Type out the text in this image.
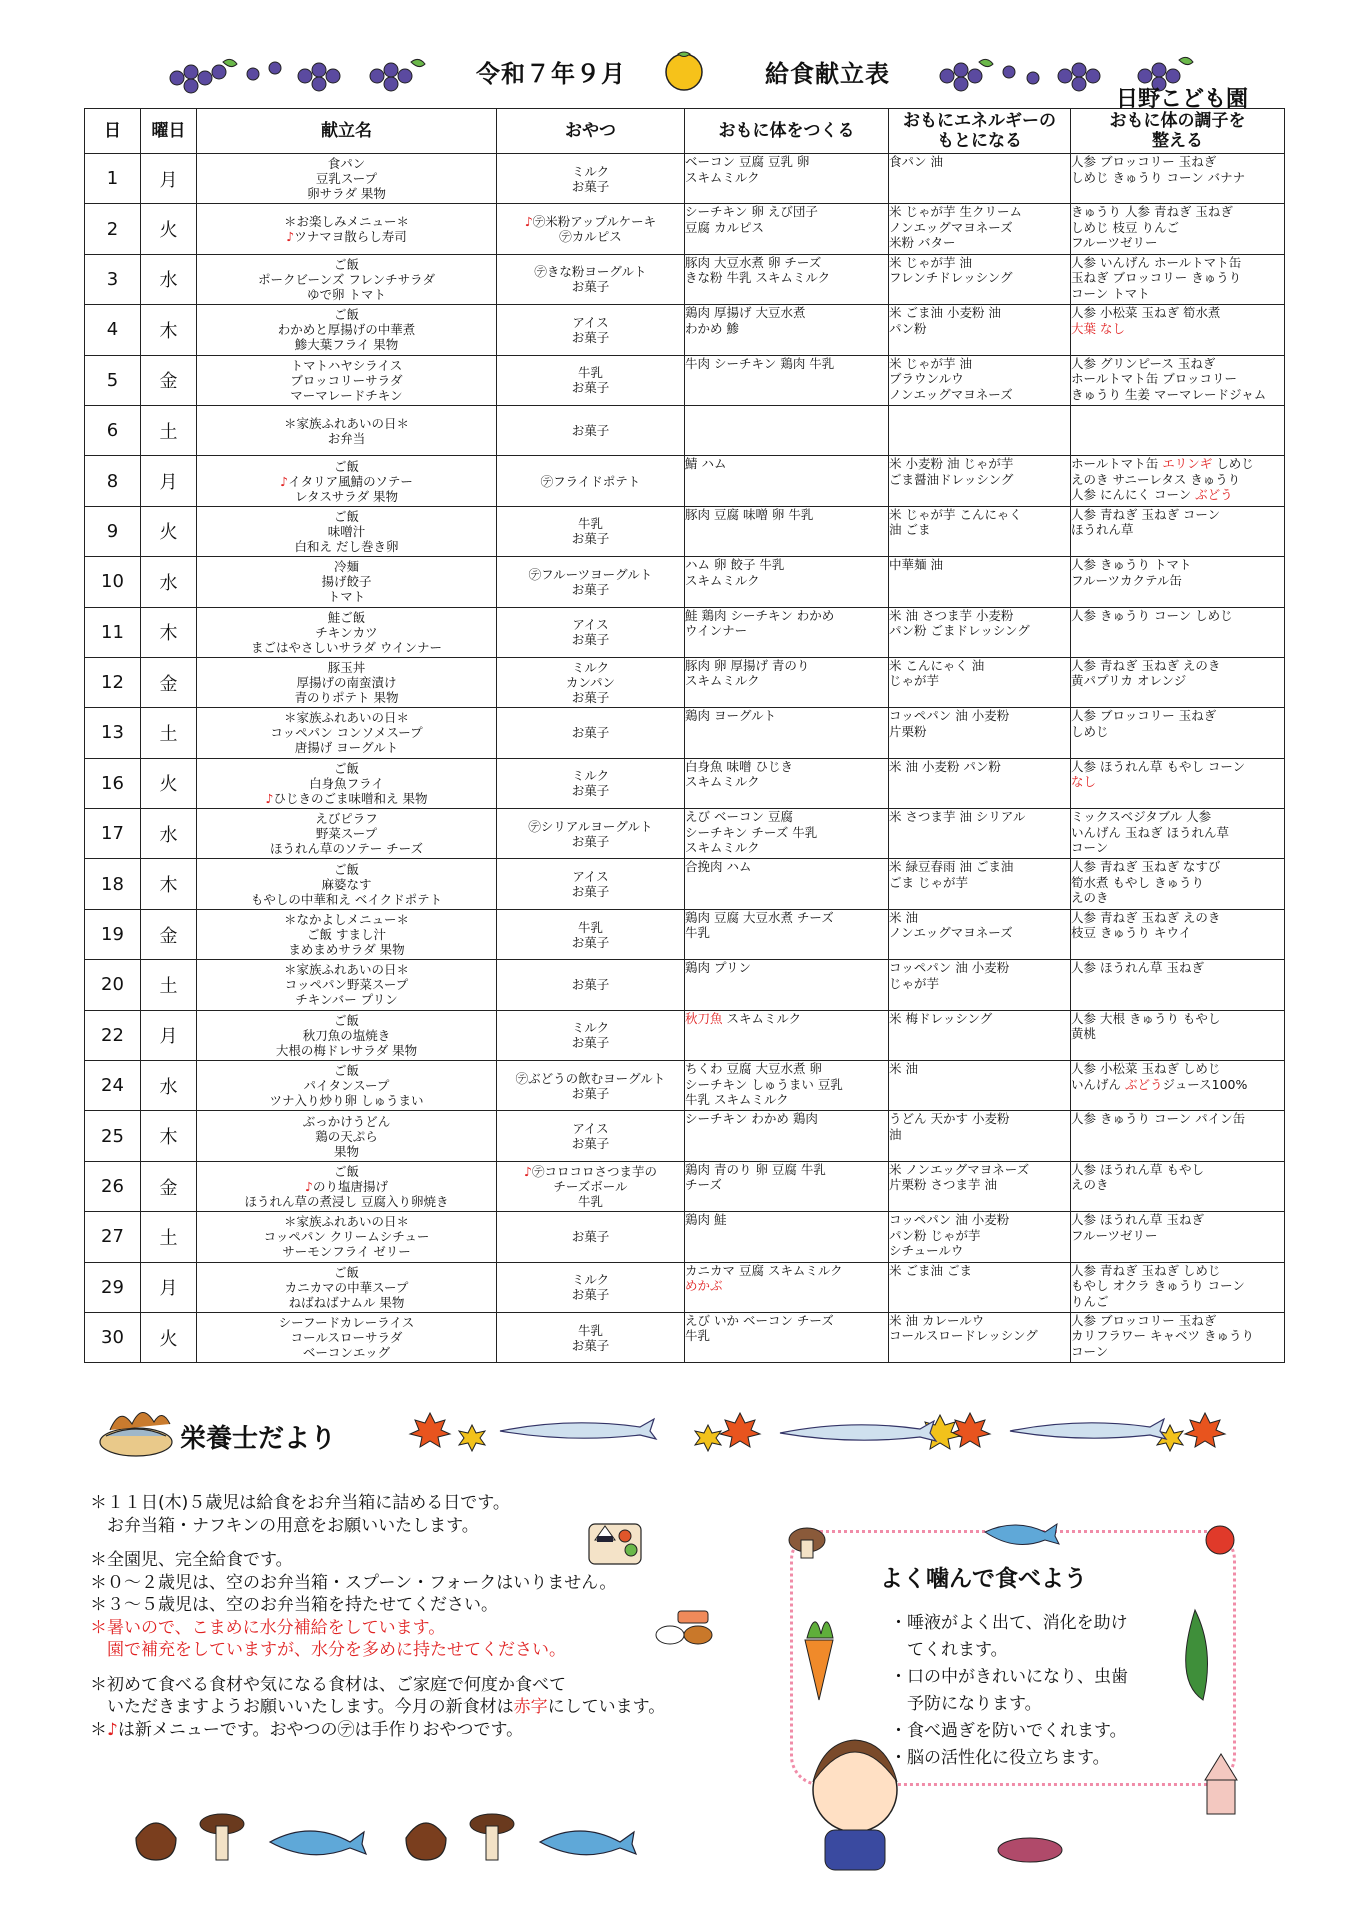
令和７年９月	給食献立表
日野こども園
日	曜日	献立名	おやつ	おもに体をつくる	おもにエネルギーの
もとになる	おもに体の調子を
整える
1	月	食パン
豆乳スープ
卵サラダ 果物	ミルク
お菓子	ベーコン 豆腐 豆乳 卵
スキムミルク	食パン 油	人参 ブロッコリー 玉ねぎ
しめじ きゅうり コーン バナナ

2	火	＊お楽しみメニュー＊
♪ツナマヨ散らし寿司	♪㋢米粉アップルケーキ
㋢カルピス	シーチキン 卵 えび団子
豆腐 カルピス	米 じゃが芋 生クリーム
ノンエッグマヨネーズ
米粉 バター	きゅうり 人参 青ねぎ 玉ねぎ
しめじ 枝豆 りんご
フルーツゼリー

3	水	ご飯
ポークビーンズ フレンチサラダ
ゆで卵 トマト	㋢きな粉ヨーグルト
お菓子	豚肉 大豆水煮 卵 チーズ
きな粉 牛乳 スキムミルク	米 じゃが芋 油
フレンチドレッシング	人参 いんげん ホールトマト缶
玉ねぎ ブロッコリー きゅうり
コーン トマト

4	木	ご飯
わかめと厚揚げの中華煮
鯵大葉フライ 果物	アイス
お菓子	鶏肉 厚揚げ 大豆水煮
わかめ 鯵	米 ごま油 小麦粉 油
パン粉	人参 小松菜 玉ねぎ 筍水煮
大葉 なし

5	金	トマトハヤシライス
ブロッコリーサラダ
マーマレードチキン	牛乳
お菓子	牛肉 シーチキン 鶏肉 牛乳	米 じゃが芋 油
ブラウンルウ
ノンエッグマヨネーズ	人参 グリンピース 玉ねぎ
ホールトマト缶 ブロッコリー
きゅうり 生姜 マーマレードジャム

6	土	＊家族ふれあいの日＊
お弁当	お菓子			

8	月	ご飯
♪イタリア風鯖のソテー
レタスサラダ 果物	㋢フライドポテト	鯖 ハム	米 小麦粉 油 じゃが芋
ごま醤油ドレッシング	ホールトマト缶 エリンギ しめじ
えのき サニーレタス きゅうり
人参 にんにく コーン ぶどう

9	火	ご飯
味噌汁
白和え だし巻き卵	牛乳
お菓子	豚肉 豆腐 味噌 卵 牛乳	米 じゃが芋 こんにゃく
油 ごま	人参 青ねぎ 玉ねぎ コーン
ほうれん草

10	水	冷麺
揚げ餃子
トマト	㋢フルーツヨーグルト
お菓子	ハム 卵 餃子 牛乳
スキムミルク	中華麺 油	人参 きゅうり トマト
フルーツカクテル缶

11	木	鮭ご飯
チキンカツ
まごはやさしいサラダ ウインナー	アイス
お菓子	鮭 鶏肉 シーチキン わかめ
ウインナー	米 油 さつま芋 小麦粉
パン粉 ごまドレッシング	人参 きゅうり コーン しめじ

12	金	豚玉丼
厚揚げの南蛮漬け
青のりポテト 果物	ミルク
カンパン
お菓子	豚肉 卵 厚揚げ 青のり
スキムミルク	米 こんにゃく 油
じゃが芋	人参 青ねぎ 玉ねぎ えのき
黄パプリカ オレンジ

13	土	＊家族ふれあいの日＊
コッペパン コンソメスープ
唐揚げ ヨーグルト	お菓子	鶏肉 ヨーグルト	コッペパン 油 小麦粉
片栗粉	人参 ブロッコリー 玉ねぎ
しめじ

16	火	ご飯
白身魚フライ
♪ひじきのごま味噌和え 果物	ミルク
お菓子	白身魚 味噌 ひじき
スキムミルク	米 油 小麦粉 パン粉	人参 ほうれん草 もやし コーン
なし

17	水	えびピラフ
野菜スープ
ほうれん草のソテー チーズ	㋢シリアルヨーグルト
お菓子	えび ベーコン 豆腐
シーチキン チーズ 牛乳
スキムミルク	米 さつま芋 油 シリアル	ミックスベジタブル 人参
いんげん 玉ねぎ ほうれん草
コーン

18	木	ご飯
麻婆なす
もやしの中華和え ベイクドポテト	アイス
お菓子	合挽肉 ハム	米 緑豆春雨 油 ごま油
ごま じゃが芋	人参 青ねぎ 玉ねぎ なすび
筍水煮 もやし きゅうり
えのき

19	金	＊なかよしメニュー＊
ご飯 すまし汁
まめまめサラダ 果物	牛乳
お菓子	鶏肉 豆腐 大豆水煮 チーズ
牛乳	米 油
ノンエッグマヨネーズ	人参 青ねぎ 玉ねぎ えのき
枝豆 きゅうり キウイ

20	土	＊家族ふれあいの日＊
コッペパン野菜スープ
チキンバー プリン	お菓子	鶏肉 プリン	コッペパン 油 小麦粉
じゃが芋	人参 ほうれん草 玉ねぎ

22	月	ご飯
秋刀魚の塩焼き
大根の梅ドレサラダ 果物	ミルク
お菓子	秋刀魚 スキムミルク	米 梅ドレッシング	人参 大根 きゅうり もやし
黄桃

24	水	ご飯
パイタンスープ
ツナ入り炒り卵 しゅうまい	㋢ぶどうの飲むヨーグルト
お菓子	ちくわ 豆腐 大豆水煮 卵
シーチキン しゅうまい 豆乳
牛乳 スキムミルク	米 油	人参 小松菜 玉ねぎ しめじ
いんげん ぶどうジュース100%

25	木	ぶっかけうどん
鶏の天ぷら
果物	アイス
お菓子	シーチキン わかめ 鶏肉	うどん 天かす 小麦粉
油	人参 きゅうり コーン パイン缶

26	金	ご飯
♪のり塩唐揚げ
ほうれん草の煮浸し 豆腐入り卵焼き	♪㋢コロコロさつま芋の
チーズボール
牛乳	鶏肉 青のり 卵 豆腐 牛乳
チーズ	米 ノンエッグマヨネーズ
片栗粉 さつま芋 油	人参 ほうれん草 もやし
えのき

27	土	＊家族ふれあいの日＊
コッペパン クリームシチュー
サーモンフライ ゼリー	お菓子	鶏肉 鮭	コッペパン 油 小麦粉
パン粉 じゃが芋
シチュールウ	人参 ほうれん草 玉ねぎ
フルーツゼリー

29	月	ご飯
カニカマの中華スープ
ねばねばナムル 果物	ミルク
お菓子	カニカマ 豆腐 スキムミルク
めかぶ	米 ごま油 ごま	人参 青ねぎ 玉ねぎ しめじ
もやし オクラ きゅうり コーン
りんご

30	火	シーフードカレーライス
コールスローサラダ
ベーコンエッグ	牛乳
お菓子	えび いか ベーコン チーズ
牛乳	米 油 カレールウ
コールスロードレッシング	人参 ブロッコリー 玉ねぎ
カリフラワー キャベツ きゅうり
コーン
栄養士だより
＊１１日(木)５歳児は給食をお弁当箱に詰める日です。
　お弁当箱・ナフキンの用意をお願いいたします。
＊全園児、完全給食です。
＊０～２歳児は、空のお弁当箱・スプーン・フォークはいりません。
＊３～５歳児は、空のお弁当箱を持たせてください。
＊暑いので、こまめに水分補給をしています。
　園で補充をしていますが、水分を多めに持たせてください。
＊初めて食べる食材や気になる食材は、ご家庭で何度か食べて
　いただきますようお願いいたします。今月の新食材は赤字にしています。
＊♪は新メニューです。おやつの㋢は手作りおやつです。
よく噛んで食べよう
・唾液がよく出て、消化を助け
　てくれます。
・口の中がきれいになり、虫歯
　予防になります。
・食べ過ぎを防いでくれます。
・脳の活性化に役立ちます。
